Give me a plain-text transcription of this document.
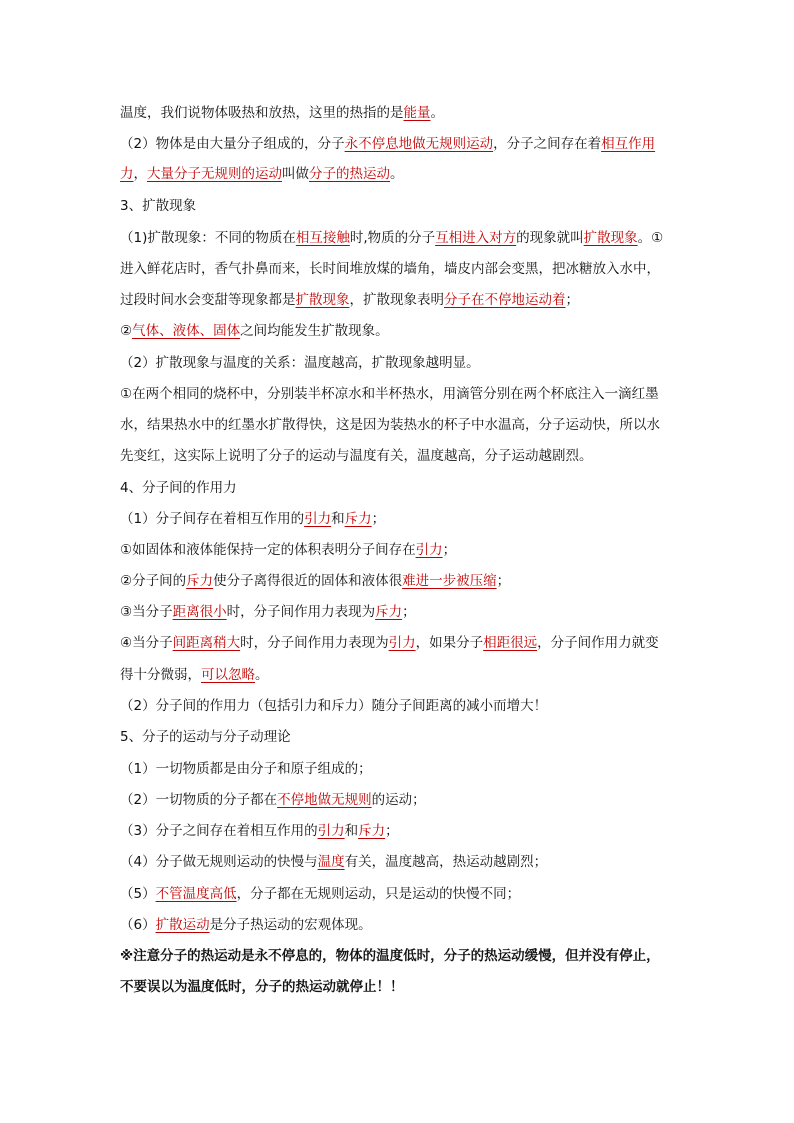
温度，我们说物体吸热和放热，这里的热指的是能量。
（2）物体是由大量分子组成的，分子永不停息地做无规则运动，分子之间存在着相互作用
力，大量分子无规则的运动叫做分子的热运动。
3、扩散现象
（1)扩散现象：不同的物质在相互接触时,物质的分子互相进入对方的现象就叫扩散现象。①
进入鲜花店时，香气扑鼻而来，长时间堆放煤的墙角，墙皮内部会变黑，把冰糖放入水中，
过段时间水会变甜等现象都是扩散现象，扩散现象表明分子在不停地运动着；
②气体、液体、固体之间均能发生扩散现象。
（2）扩散现象与温度的关系：温度越高，扩散现象越明显。
①在两个相同的烧杯中，分别装半杯凉水和半杯热水，用滴管分别在两个杯底注入一滴红墨
水，结果热水中的红墨水扩散得快，这是因为装热水的杯子中水温高，分子运动快，所以水
先变红，这实际上说明了分子的运动与温度有关，温度越高，分子运动越剧烈。
4、分子间的作用力
（1）分子间存在着相互作用的引力和斥力；
①如固体和液体能保持一定的体积表明分子间存在引力；
②分子间的斥力使分子离得很近的固体和液体很难进一步被压缩；
③当分子距离很小时，分子间作用力表现为斥力；
④当分子间距离稍大时，分子间作用力表现为引力，如果分子相距很远，分子间作用力就变
得十分微弱，可以忽略。
（2）分子间的作用力（包括引力和斥力）随分子间距离的减小而增大！
5、分子的运动与分子动理论
（1）一切物质都是由分子和原子组成的；
（2）一切物质的分子都在不停地做无规则的运动；
（3）分子之间存在着相互作用的引力和斥力；
（4）分子做无规则运动的快慢与温度有关，温度越高，热运动越剧烈；
（5）不管温度高低，分子都在无规则运动，只是运动的快慢不同；
（6）扩散运动是分子热运动的宏观体现。
※注意分子的热运动是永不停息的，物体的温度低时，分子的热运动缓慢，但并没有停止，
不要误以为温度低时，分子的热运动就停止！！
